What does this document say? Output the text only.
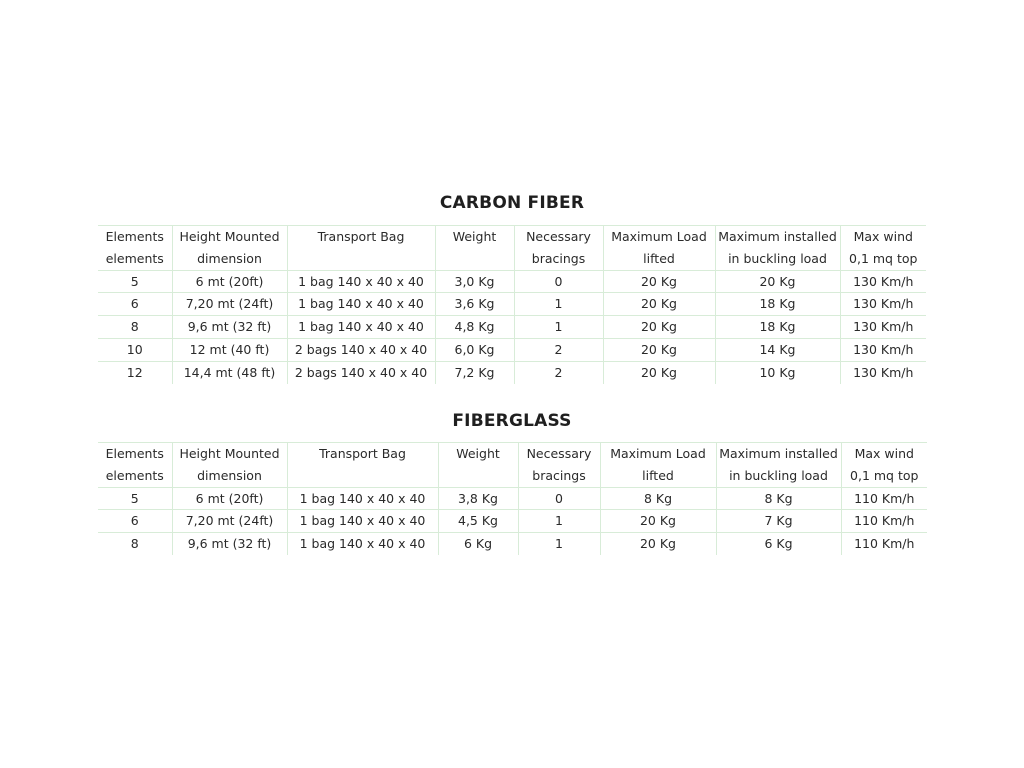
CARBON FIBER
Elements	Height Mounted	Transport Bag	Weight	Necessary	Maximum Load	Maximum installed	Max wind
elements	dimension			bracings	lifted	in buckling load	0,1 mq top
5	6 mt (20ft)	1 bag 140 x 40 x 40	3,0 Kg	0	20 Kg	20 Kg	130 Km/h
6	7,20 mt (24ft)	1 bag 140 x 40 x 40	3,6 Kg	1	20 Kg	18 Kg	130 Km/h
8	9,6 mt (32 ft)	1 bag 140 x 40 x 40	4,8 Kg	1	20 Kg	18 Kg	130 Km/h
10	12 mt (40 ft)	2 bags 140 x 40 x 40	6,0 Kg	2	20 Kg	14 Kg	130 Km/h
12	14,4 mt (48 ft)	2 bags 140 x 40 x 40	7,2 Kg	2	20 Kg	10 Kg	130 Km/h
FIBERGLASS
Elements	Height Mounted	Transport Bag	Weight	Necessary	Maximum Load	Maximum installed	Max wind
elements	dimension			bracings	lifted	in buckling load	0,1 mq top
5	6 mt (20ft)	1 bag 140 x 40 x 40	3,8 Kg	0	8 Kg	8 Kg	110 Km/h
6	7,20 mt (24ft)	1 bag 140 x 40 x 40	4,5 Kg	1	20 Kg	7 Kg	110 Km/h
8	9,6 mt (32 ft)	1 bag 140 x 40 x 40	6 Kg	1	20 Kg	6 Kg	110 Km/h
